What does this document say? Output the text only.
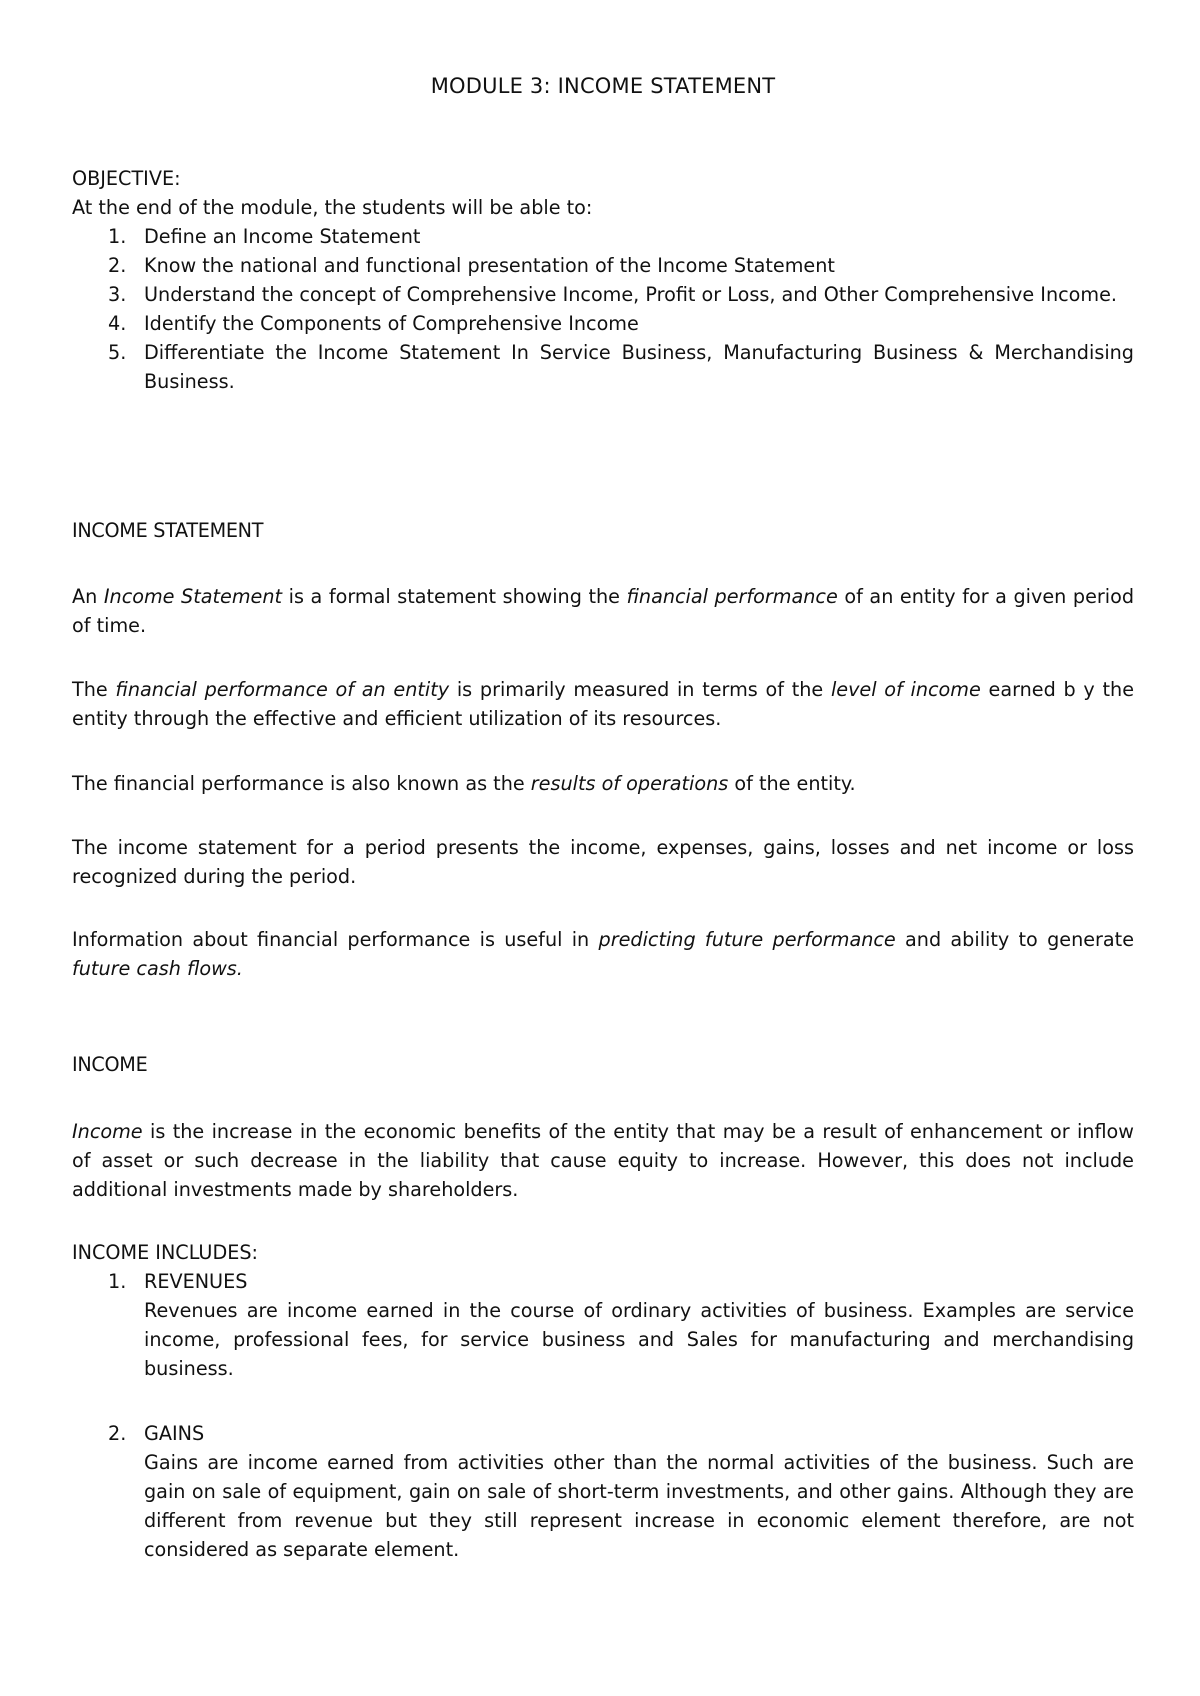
MODULE 3: INCOME STATEMENT

OBJECTIVE:

At the end of the module, the students will be able to:

1. Define an Income Statement
2. Know the national and functional presentation of the Income Statement
3. Understand the concept of Comprehensive Income, Profit or Loss, and Other Comprehensive Income.
4. Identify the Components of Comprehensive Income
5. Differentiate the Income Statement In Service Business, Manufacturing Business & Merchandising Business.

INCOME STATEMENT

An Income Statement is a formal statement showing the financial performance of an entity for a given period of time.

The financial performance of an entity is primarily measured in terms of the level of income earned b y the entity through the effective and efficient utilization of its resources.

The financial performance is also known as the results of operations of the entity.

The income statement for a period presents the income, expenses, gains, losses and net income or loss recognized during the period.

Information about financial performance is useful in predicting future performance and ability to generate future cash flows.

INCOME

Income is the increase in the economic benefits of the entity that may be a result of enhancement or inflow of asset or such decrease in the liability that cause equity to increase. However, this does not include additional investments made by shareholders.

INCOME INCLUDES:

1. REVENUES
Revenues are income earned in the course of ordinary activities of business. Examples are service income, professional fees, for service business and Sales for manufacturing and merchandising business.
2. GAINS
Gains are income earned from activities other than the normal activities of the business. Such are gain on sale of equipment, gain on sale of short-term investments, and other gains. Although they are different from revenue but they still represent increase in economic element therefore, are not considered as separate element.
